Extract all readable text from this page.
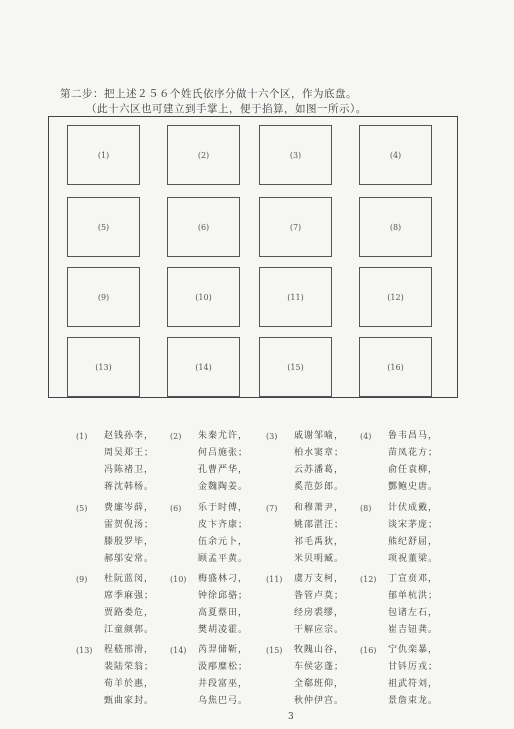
第二步：把上述２５６个姓氏依序分做十六个区，作为底盘。
（此十六区也可建立到手掌上，便于掐算，如图一所示）。
(1)	(2)	(3)	(4)
(5)	(6)	(7)	(8)
(9)	(10)	(11)	(12)
(13)	(14)	(15)	(16)
(1) 赵钱孙李，
周吴郑王；
冯陈褚卫，
蒋沈韩杨。
(2) 朱秦尤许，
何吕施张；
孔曹严华，
金魏陶姜。
(3) 戚谢邹喻，
柏水窦章；
云苏潘葛，
奚范彭郎。
(4) 鲁韦昌马，
苗凤花方；
俞任袁柳，
酆鲍史唐。
(5) 费廉岑薛，
雷贺倪汤；
滕殷罗毕，
郝邬安常。
(6) 乐于时傅，
皮卞齐康；
伍余元卜，
顾孟平黄。
(7) 和穆萧尹，
姚邵湛汪；
祁毛禹狄，
米贝明臧。
(8) 计伏成戴，
谈宋茅庞；
熊纪舒屈，
项祝董梁。
(9) 杜阮蓝闵，
席季麻强；
贾路娄危，
江童颜郭。
(10) 梅盛林刁，
钟徐邱骆；
高夏蔡田，
樊胡凌霍。
(11) 虞万支柯，
昝管卢莫；
经房裘缪，
干解应宗。
(12) 丁宣贲邓，
郁单杭洪；
包诸左石，
崔吉钮龚。
(13) 程嵇邢滑，
裴陆荣翁；
荀羊於惠，
甄曲家封。
(14) 芮羿储靳，
汲邴糜松；
井段富巫，
乌焦巴弓。
(15) 牧隗山谷，
车侯宓蓬；
全郗班仰，
秋仲伊宫。
(16) 宁仇栾暴，
甘钭厉戎；
祖武符刘，
景詹束龙。
3
